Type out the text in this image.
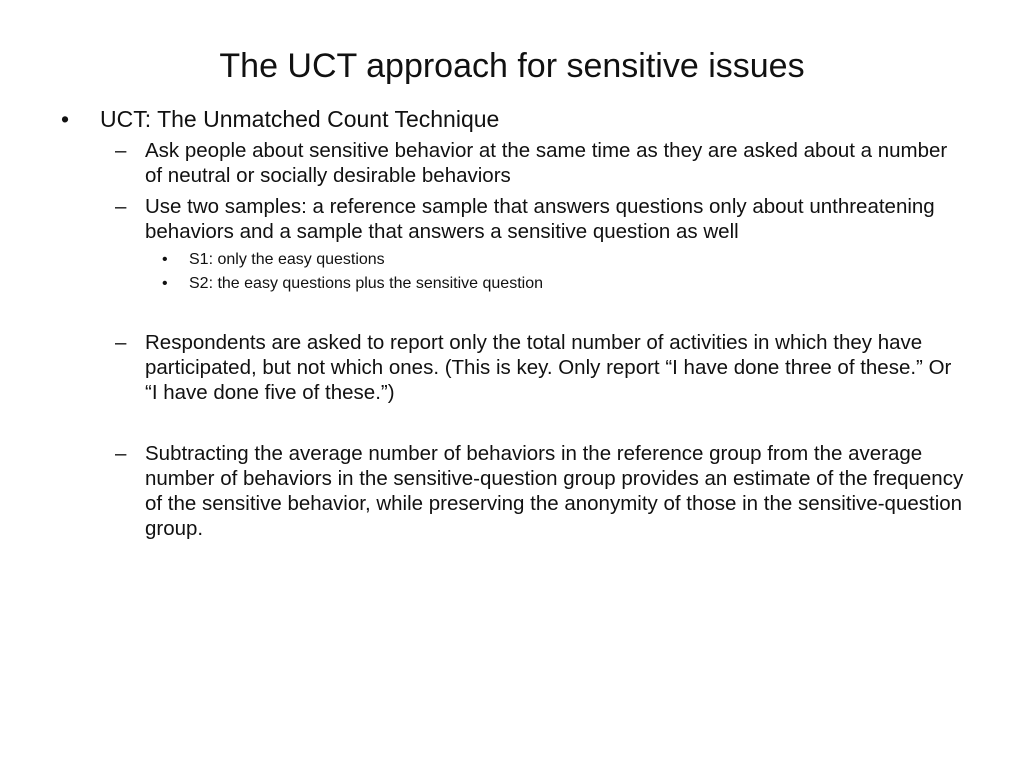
The UCT approach for sensitive issues
• UCT: The Unmatched Count Technique
– Ask people about sensitive behavior at the same time as they are asked about a number of neutral or socially desirable behaviors
– Use two samples: a reference sample that answers questions only about unthreatening behaviors and a sample that answers a sensitive question as well
• S1: only the easy questions
• S2: the easy questions plus the sensitive question
– Respondents are asked to report only the total number of activities in which they have participated, but not which ones. (This is key. Only report “I have done three of these.” Or “I have done five of these.”)
– Subtracting the average number of behaviors in the reference group from the average number of behaviors in the sensitive-question group provides an estimate of the frequency of the sensitive behavior, while preserving the anonymity of those in the sensitive-question group.
